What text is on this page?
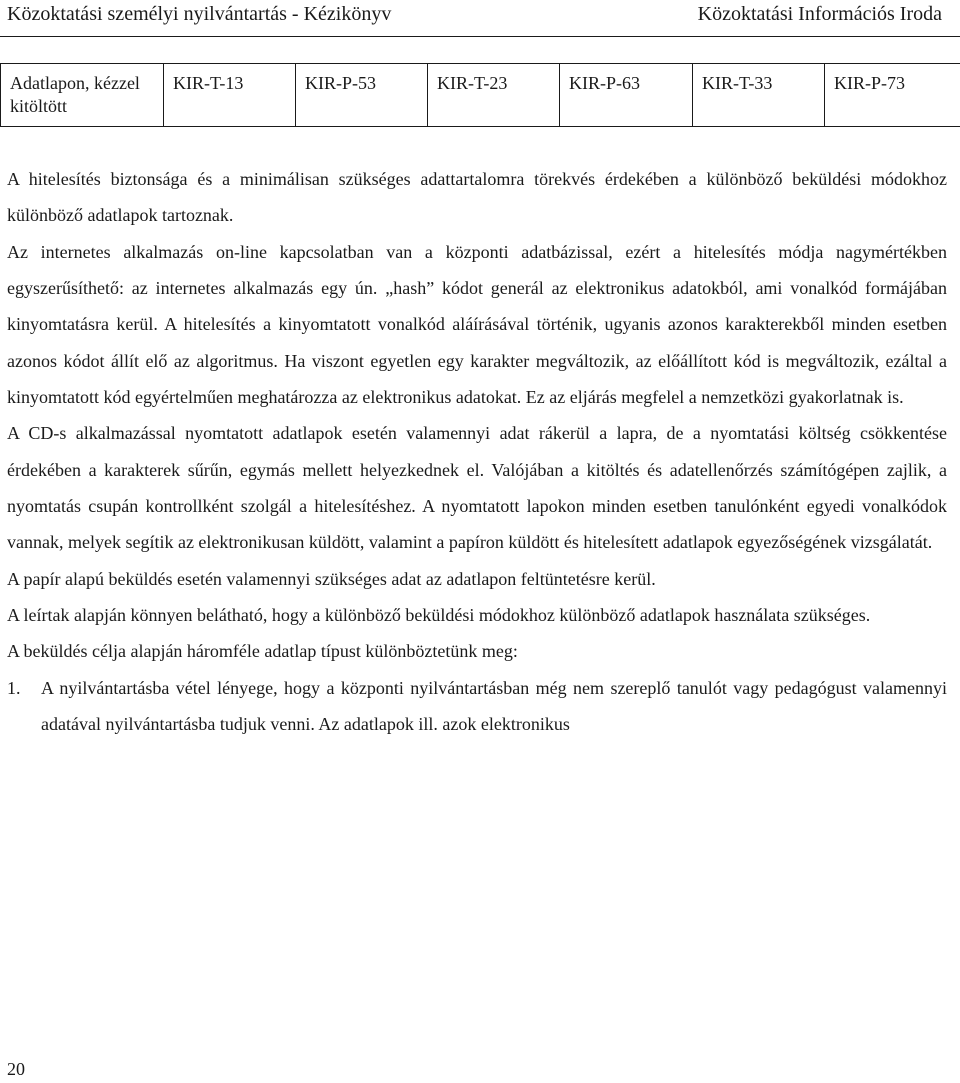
Közoktatási személyi nyilvántartás - Kézikönyv	Közoktatási Információs Iroda
Adatlapon, kézzel kitöltött	KIR-T-13	KIR-P-53	KIR-T-23	KIR-P-63	KIR-T-33	KIR-P-73

A hitelesítés biztonsága és a minimálisan szükséges adattartalomra törekvés érdekében a különböző beküldési módokhoz különböző adatlapok tartoznak.

Az internetes alkalmazás on-line kapcsolatban van a központi adatbázissal, ezért a hitelesítés módja nagymértékben egyszerűsíthető: az internetes alkalmazás egy ún. „hash” kódot generál az elektronikus adatokból, ami vonalkód formájában kinyomtatásra kerül. A hitelesítés a kinyomtatott vonalkód aláírásával történik, ugyanis azonos karakterekből minden esetben azonos kódot állít elő az algoritmus. Ha viszont egyetlen egy karakter megváltozik, az előállított kód is megváltozik, ezáltal a kinyomtatott kód egyértelműen meghatározza az elektronikus adatokat. Ez az eljárás megfelel a nemzetközi gyakorlatnak is.

A CD-s alkalmazással nyomtatott adatlapok esetén valamennyi adat rákerül a lapra, de a nyomtatási költség csökkentése érdekében a karakterek sűrűn, egymás mellett helyezkednek el. Valójában a kitöltés és adatellenőrzés számítógépen zajlik, a nyomtatás csupán kontrollként szolgál a hitelesítéshez. A nyomtatott lapokon minden esetben tanulónként egyedi vonalkódok vannak, melyek segítik az elektronikusan küldött, valamint a papíron küldött és hitelesített adatlapok egyezőségének vizsgálatát.

A papír alapú beküldés esetén valamennyi szükséges adat az adatlapon feltüntetésre kerül.

A leírtak alapján könnyen belátható, hogy a különböző beküldési módokhoz különböző adatlapok használata szükséges.

A beküldés célja alapján háromféle adatlap típust különböztetünk meg:

1.	A nyilvántartásba vétel lényege, hogy a központi nyilvántartásban még nem szereplő tanulót vagy pedagógust valamennyi adatával nyilvántartásba tudjuk venni. Az adatlapok ill. azok elektronikus
20
